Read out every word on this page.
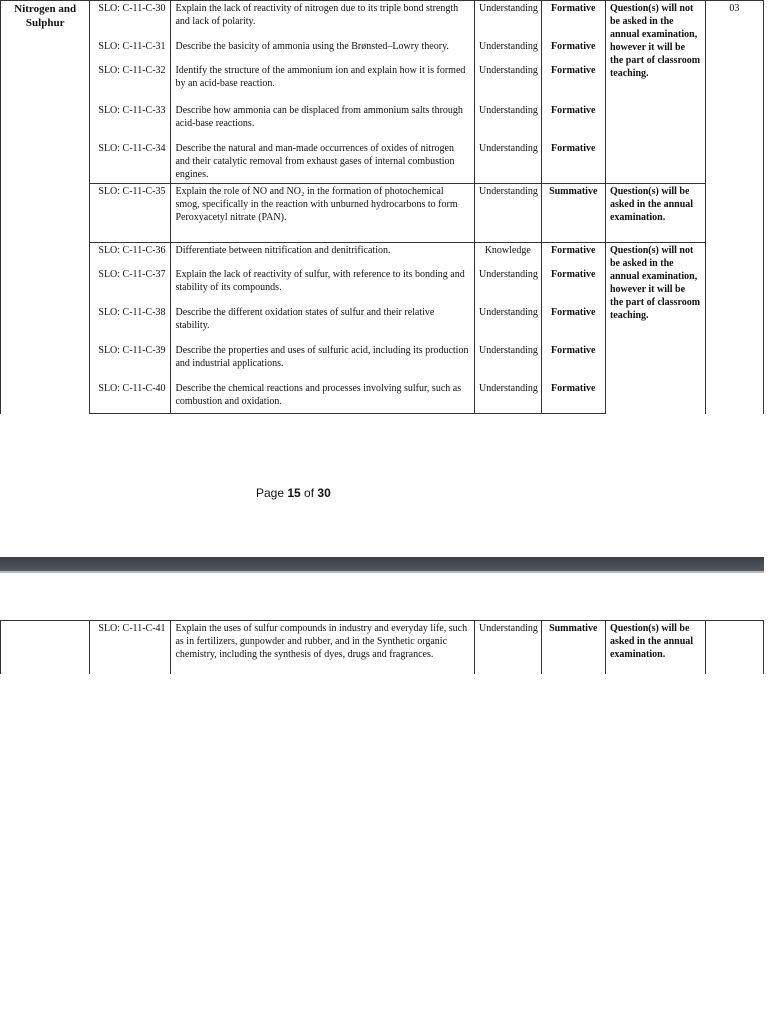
Nitrogen and Sulphur	SLO: C-11-C-30	Explain the lack of reactivity of nitrogen due to its triple bond strength and lack of polarity.	Understanding	Formative	Question(s) will not be asked in the annual examination, however it will be the part of classroom teaching.	03
	SLO: C-11-C-31	Describe the basicity of ammonia using the Brønsted–Lowry theory.	Understanding	Formative		
	SLO: C-11-C-32	Identify the structure of the ammonium ion and explain how it is formed by an acid-base reaction.	Understanding	Formative		
	SLO: C-11-C-33	Describe how ammonia can be displaced from ammonium salts through acid-base reactions.	Understanding	Formative		
	SLO: C-11-C-34	Describe the natural and man-made occurrences of oxides of nitrogen and their catalytic removal from exhaust gases of internal combustion engines.	Understanding	Formative		
	SLO: C-11-C-35	Explain the role of NO and NO₂ in the formation of photochemical smog, specifically in the reaction with unburned hydrocarbons to form Peroxyacetyl nitrate (PAN).	Understanding	Summative	Question(s) will be asked in the annual examination.	
	SLO: C-11-C-36	Differentiate between nitrification and denitrification.	Knowledge	Formative	Question(s) will not be asked in the annual examination, however it will be the part of classroom teaching.	
	SLO: C-11-C-37	Explain the lack of reactivity of sulfur, with reference to its bonding and stability of its compounds.	Understanding	Formative		
	SLO: C-11-C-38	Describe the different oxidation states of sulfur and their relative stability.	Understanding	Formative		
	SLO: C-11-C-39	Describe the properties and uses of sulfuric acid, including its production and industrial applications.	Understanding	Formative		
	SLO: C-11-C-40	Describe the chemical reactions and processes involving sulfur, such as combustion and oxidation.	Understanding	Formative		
Page 15 of 30
	SLO: C-11-C-41	Explain the uses of sulfur compounds in industry and everyday life, such as in fertilizers, gunpowder and rubber, and in the Synthetic organic chemistry, including the synthesis of dyes, drugs and fragrances.	Understanding	Summative	Question(s) will be asked in the annual examination.	
